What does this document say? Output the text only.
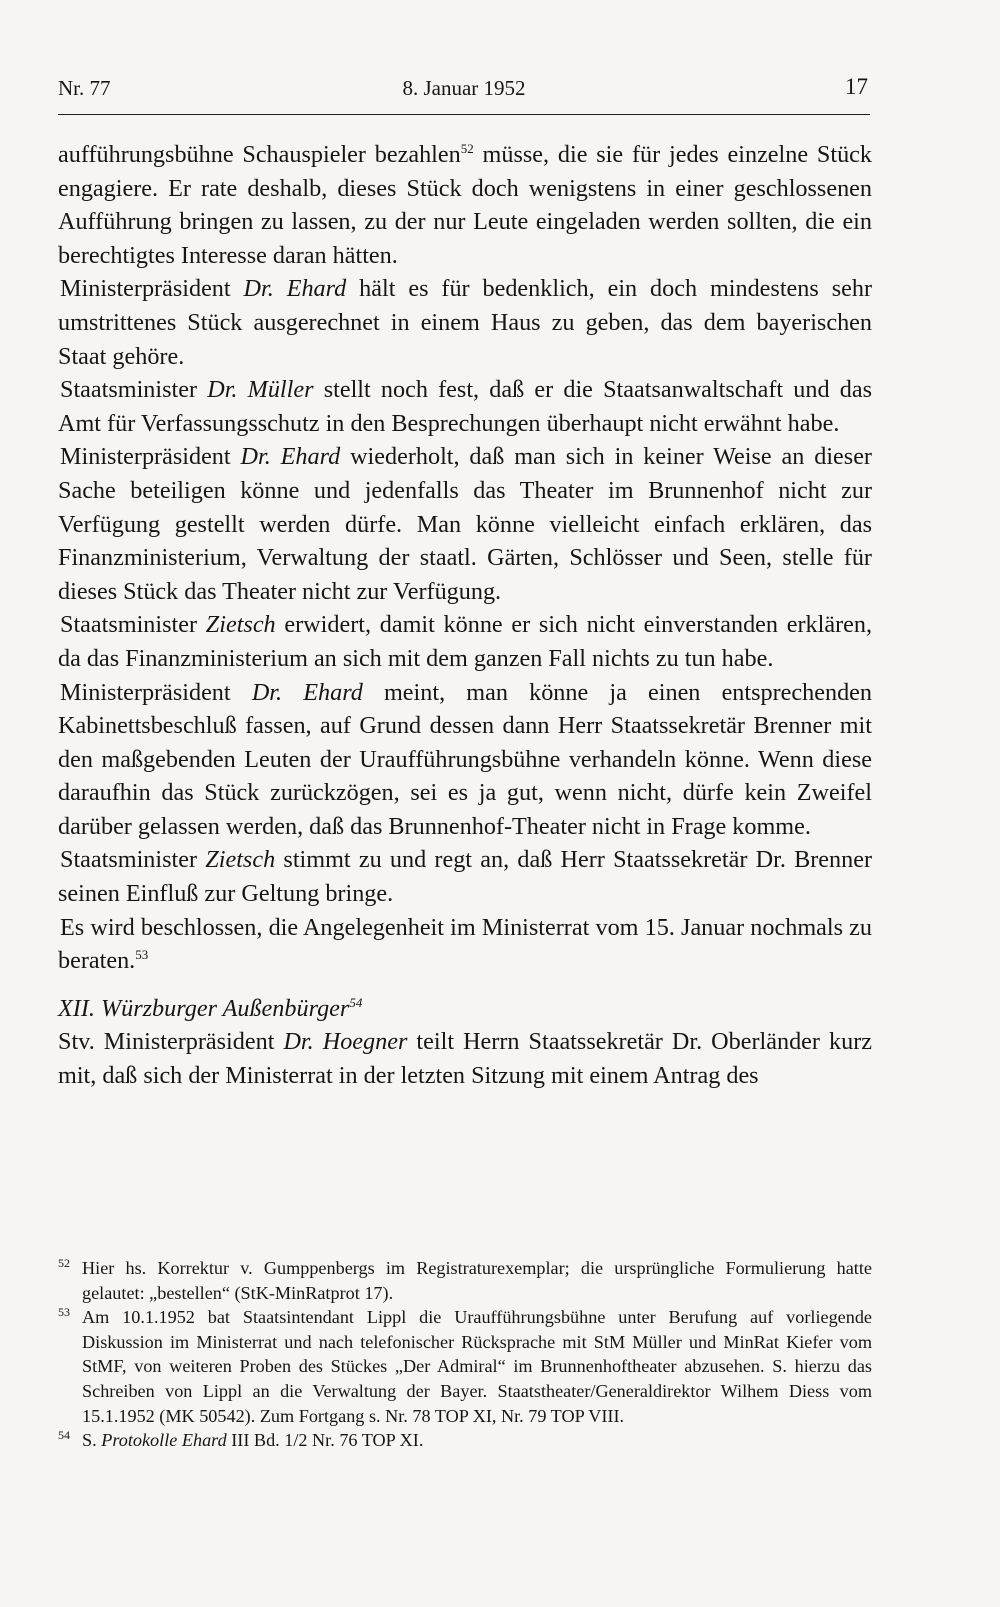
Nr. 77	8. Januar 1952	17

aufführungsbühne Schauspieler bezahlen$^{52}$ müsse, die sie für jedes einzelne Stück engagiere. Er rate deshalb, dieses Stück doch wenigstens in einer geschlossenen Aufführung bringen zu lassen, zu der nur Leute eingeladen werden sollten, die ein berechtigtes Interesse daran hätten.

Ministerpräsident Dr. Ehard hält es für bedenklich, ein doch mindestens sehr umstrittenes Stück ausgerechnet in einem Haus zu geben, das dem bayerischen Staat gehöre.

Staatsminister Dr. Müller stellt noch fest, daß er die Staatsanwaltschaft und das Amt für Verfassungsschutz in den Besprechungen überhaupt nicht erwähnt habe.

Ministerpräsident Dr. Ehard wiederholt, daß man sich in keiner Weise an dieser Sache beteiligen könne und jedenfalls das Theater im Brunnenhof nicht zur Verfügung gestellt werden dürfe. Man könne vielleicht einfach erklären, das Finanzministerium, Verwaltung der staatl. Gärten, Schlösser und Seen, stelle für dieses Stück das Theater nicht zur Verfügung.

Staatsminister Zietsch erwidert, damit könne er sich nicht einverstanden erklären, da das Finanzministerium an sich mit dem ganzen Fall nichts zu tun habe.

Ministerpräsident Dr. Ehard meint, man könne ja einen entsprechenden Kabinettsbeschluß fassen, auf Grund dessen dann Herr Staatssekretär Brenner mit den maßgebenden Leuten der Uraufführungsbühne verhandeln könne. Wenn diese daraufhin das Stück zurückzögen, sei es ja gut, wenn nicht, dürfe kein Zweifel darüber gelassen werden, daß das Brunnenhof-Theater nicht in Frage komme.

Staatsminister Zietsch stimmt zu und regt an, daß Herr Staatssekretär Dr. Brenner seinen Einfluß zur Geltung bringe.

Es wird beschlossen, die Angelegenheit im Ministerrat vom 15. Januar nochmals zu beraten.$^{53}$

XII. Würzburger Außenbürger$^{54}$

Stv. Ministerpräsident Dr. Hoegner teilt Herrn Staatssekretär Dr. Oberländer kurz mit, daß sich der Ministerrat in der letzten Sitzung mit einem Antrag des

52 Hier hs. Korrektur v. Gumppenbergs im Registraturexemplar; die ursprüngliche Formulierung hatte gelautet: „bestellen“ (StK-MinRatprot 17).

53 Am 10.1.1952 bat Staatsintendant Lippl die Uraufführungsbühne unter Berufung auf vorliegende Diskussion im Ministerrat und nach telefonischer Rücksprache mit StM Müller und MinRat Kiefer vom StMF, von weiteren Proben des Stückes „Der Admiral“ im Brunnenhoftheater abzusehen. S. hierzu das Schreiben von Lippl an die Verwaltung der Bayer. Staatstheater/Generaldirektor Wilhem Diess vom 15.1.1952 (MK 50542). Zum Fortgang s. Nr. 78 TOP XI, Nr. 79 TOP VIII.

54 S. Protokolle Ehard III Bd. 1/2 Nr. 76 TOP XI.
